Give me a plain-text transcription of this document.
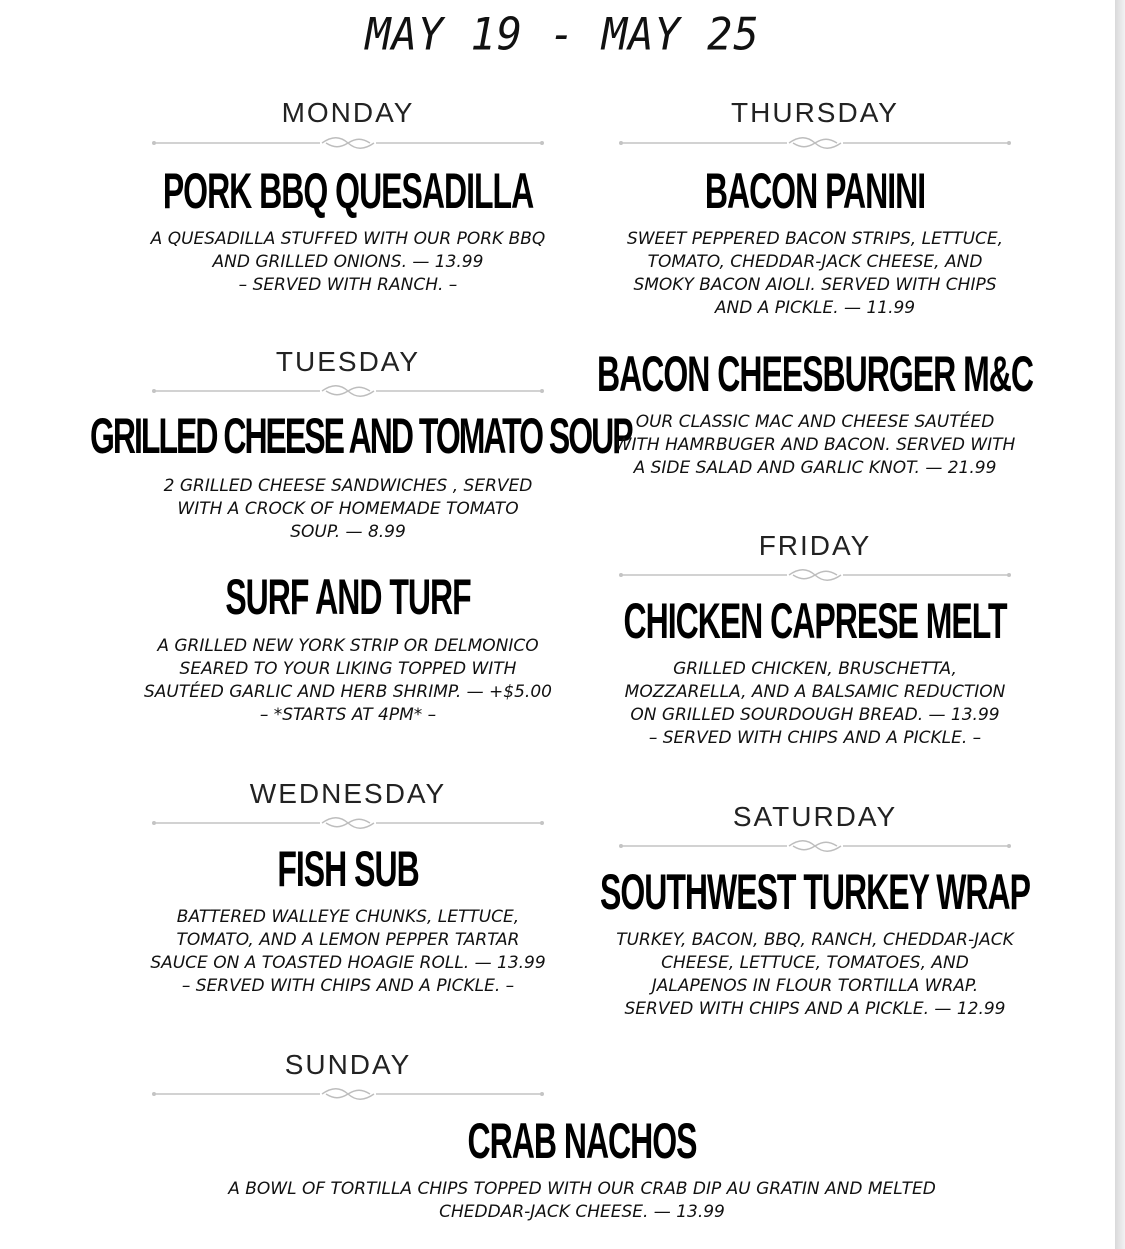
MAY 19 - MAY 25
MONDAY
PORK BBQ QUESADILLA
A QUESADILLA STUFFED WITH OUR PORK BBQ
AND GRILLED ONIONS. — 13.99
– SERVED WITH RANCH. –
TUESDAY
GRILLED CHEESE AND TOMATO SOUP
2 GRILLED CHEESE SANDWICHES , SERVED
WITH A CROCK OF HOMEMADE TOMATO
SOUP. — 8.99
SURF AND TURF
A GRILLED NEW YORK STRIP OR DELMONICO
SEARED TO YOUR LIKING TOPPED WITH
SAUTÉED GARLIC AND HERB SHRIMP. — +$5.00
– *STARTS AT 4PM* –
WEDNESDAY
FISH SUB
BATTERED WALLEYE CHUNKS, LETTUCE,
TOMATO, AND A LEMON PEPPER TARTAR
SAUCE ON A TOASTED HOAGIE ROLL. — 13.99
– SERVED WITH CHIPS AND A PICKLE. –
THURSDAY
BACON PANINI
SWEET PEPPERED BACON STRIPS, LETTUCE,
TOMATO, CHEDDAR-JACK CHEESE, AND
SMOKY BACON AIOLI. SERVED WITH CHIPS
AND A PICKLE. — 11.99
BACON CHEESBURGER M&C
OUR CLASSIC MAC AND CHEESE SAUTÉED
WITH HAMRBUGER AND BACON. SERVED WITH
A SIDE SALAD AND GARLIC KNOT. — 21.99
FRIDAY
CHICKEN CAPRESE MELT
GRILLED CHICKEN, BRUSCHETTA,
MOZZARELLA, AND A BALSAMIC REDUCTION
ON GRILLED SOURDOUGH BREAD. — 13.99
– SERVED WITH CHIPS AND A PICKLE. –
SATURDAY
SOUTHWEST TURKEY WRAP
TURKEY, BACON, BBQ, RANCH, CHEDDAR-JACK
CHEESE, LETTUCE, TOMATOES, AND
JALAPENOS IN FLOUR TORTILLA WRAP.
SERVED WITH CHIPS AND A PICKLE. — 12.99
SUNDAY
CRAB NACHOS
A BOWL OF TORTILLA CHIPS TOPPED WITH OUR CRAB DIP AU GRATIN AND MELTED
CHEDDAR-JACK CHEESE. — 13.99
